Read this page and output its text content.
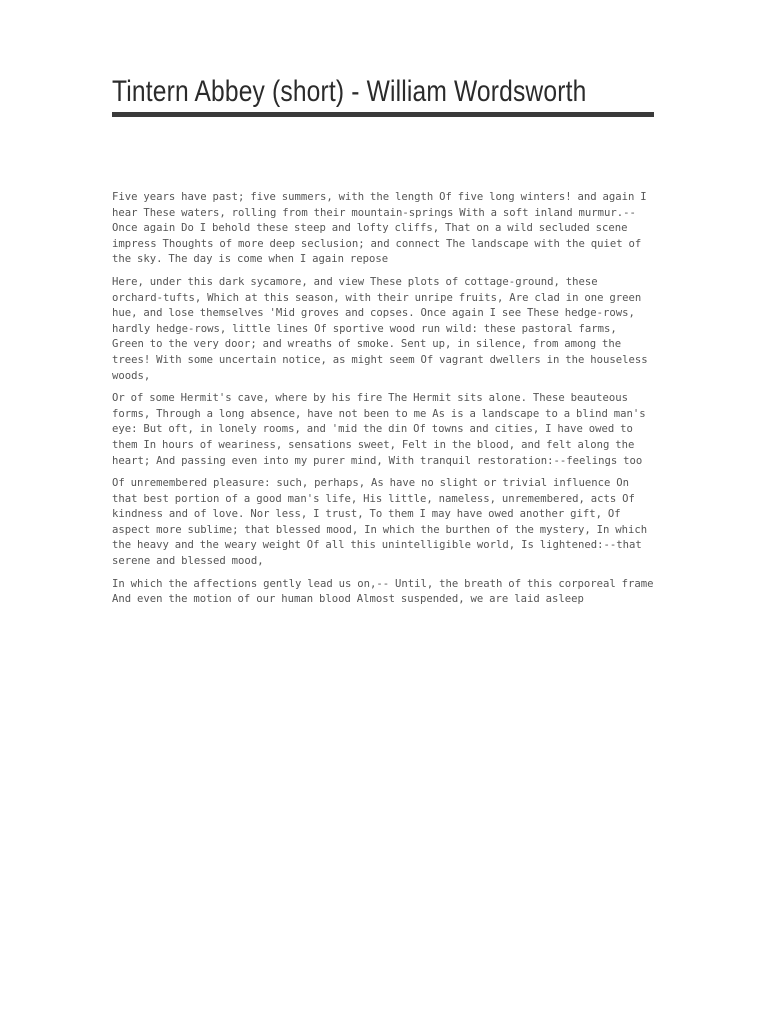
Tintern Abbey (short) - William Wordsworth

Five years have past; five summers, with the length Of five long winters! and again I hear These waters, rolling from their mountain-springs With a soft inland murmur.--Once again Do I behold these steep and lofty cliffs, That on a wild secluded scene impress Thoughts of more deep seclusion; and connect The landscape with the quiet of the sky. The day is come when I again repose

Here, under this dark sycamore, and view These plots of cottage-ground, these orchard-tufts, Which at this season, with their unripe fruits, Are clad in one green hue, and lose themselves 'Mid groves and copses. Once again I see These hedge-rows, hardly hedge-rows, little lines Of sportive wood run wild: these pastoral farms, Green to the very door; and wreaths of smoke. Sent up, in silence, from among the trees! With some uncertain notice, as might seem Of vagrant dwellers in the houseless woods,

Or of some Hermit's cave, where by his fire The Hermit sits alone. These beauteous forms, Through a long absence, have not been to me As is a landscape to a blind man's eye: But oft, in lonely rooms, and 'mid the din Of towns and cities, I have owed to them In hours of weariness, sensations sweet, Felt in the blood, and felt along the heart; And passing even into my purer mind, With tranquil restoration:--feelings too

Of unremembered pleasure: such, perhaps, As have no slight or trivial influence On that best portion of a good man's life, His little, nameless, unremembered, acts Of kindness and of love. Nor less, I trust, To them I may have owed another gift, Of aspect more sublime; that blessed mood, In which the burthen of the mystery, In which the heavy and the weary weight Of all this unintelligible world, Is lightened:--that serene and blessed mood,

In which the affections gently lead us on,-- Until, the breath of this corporeal frame And even the motion of our human blood Almost suspended, we are laid asleep
